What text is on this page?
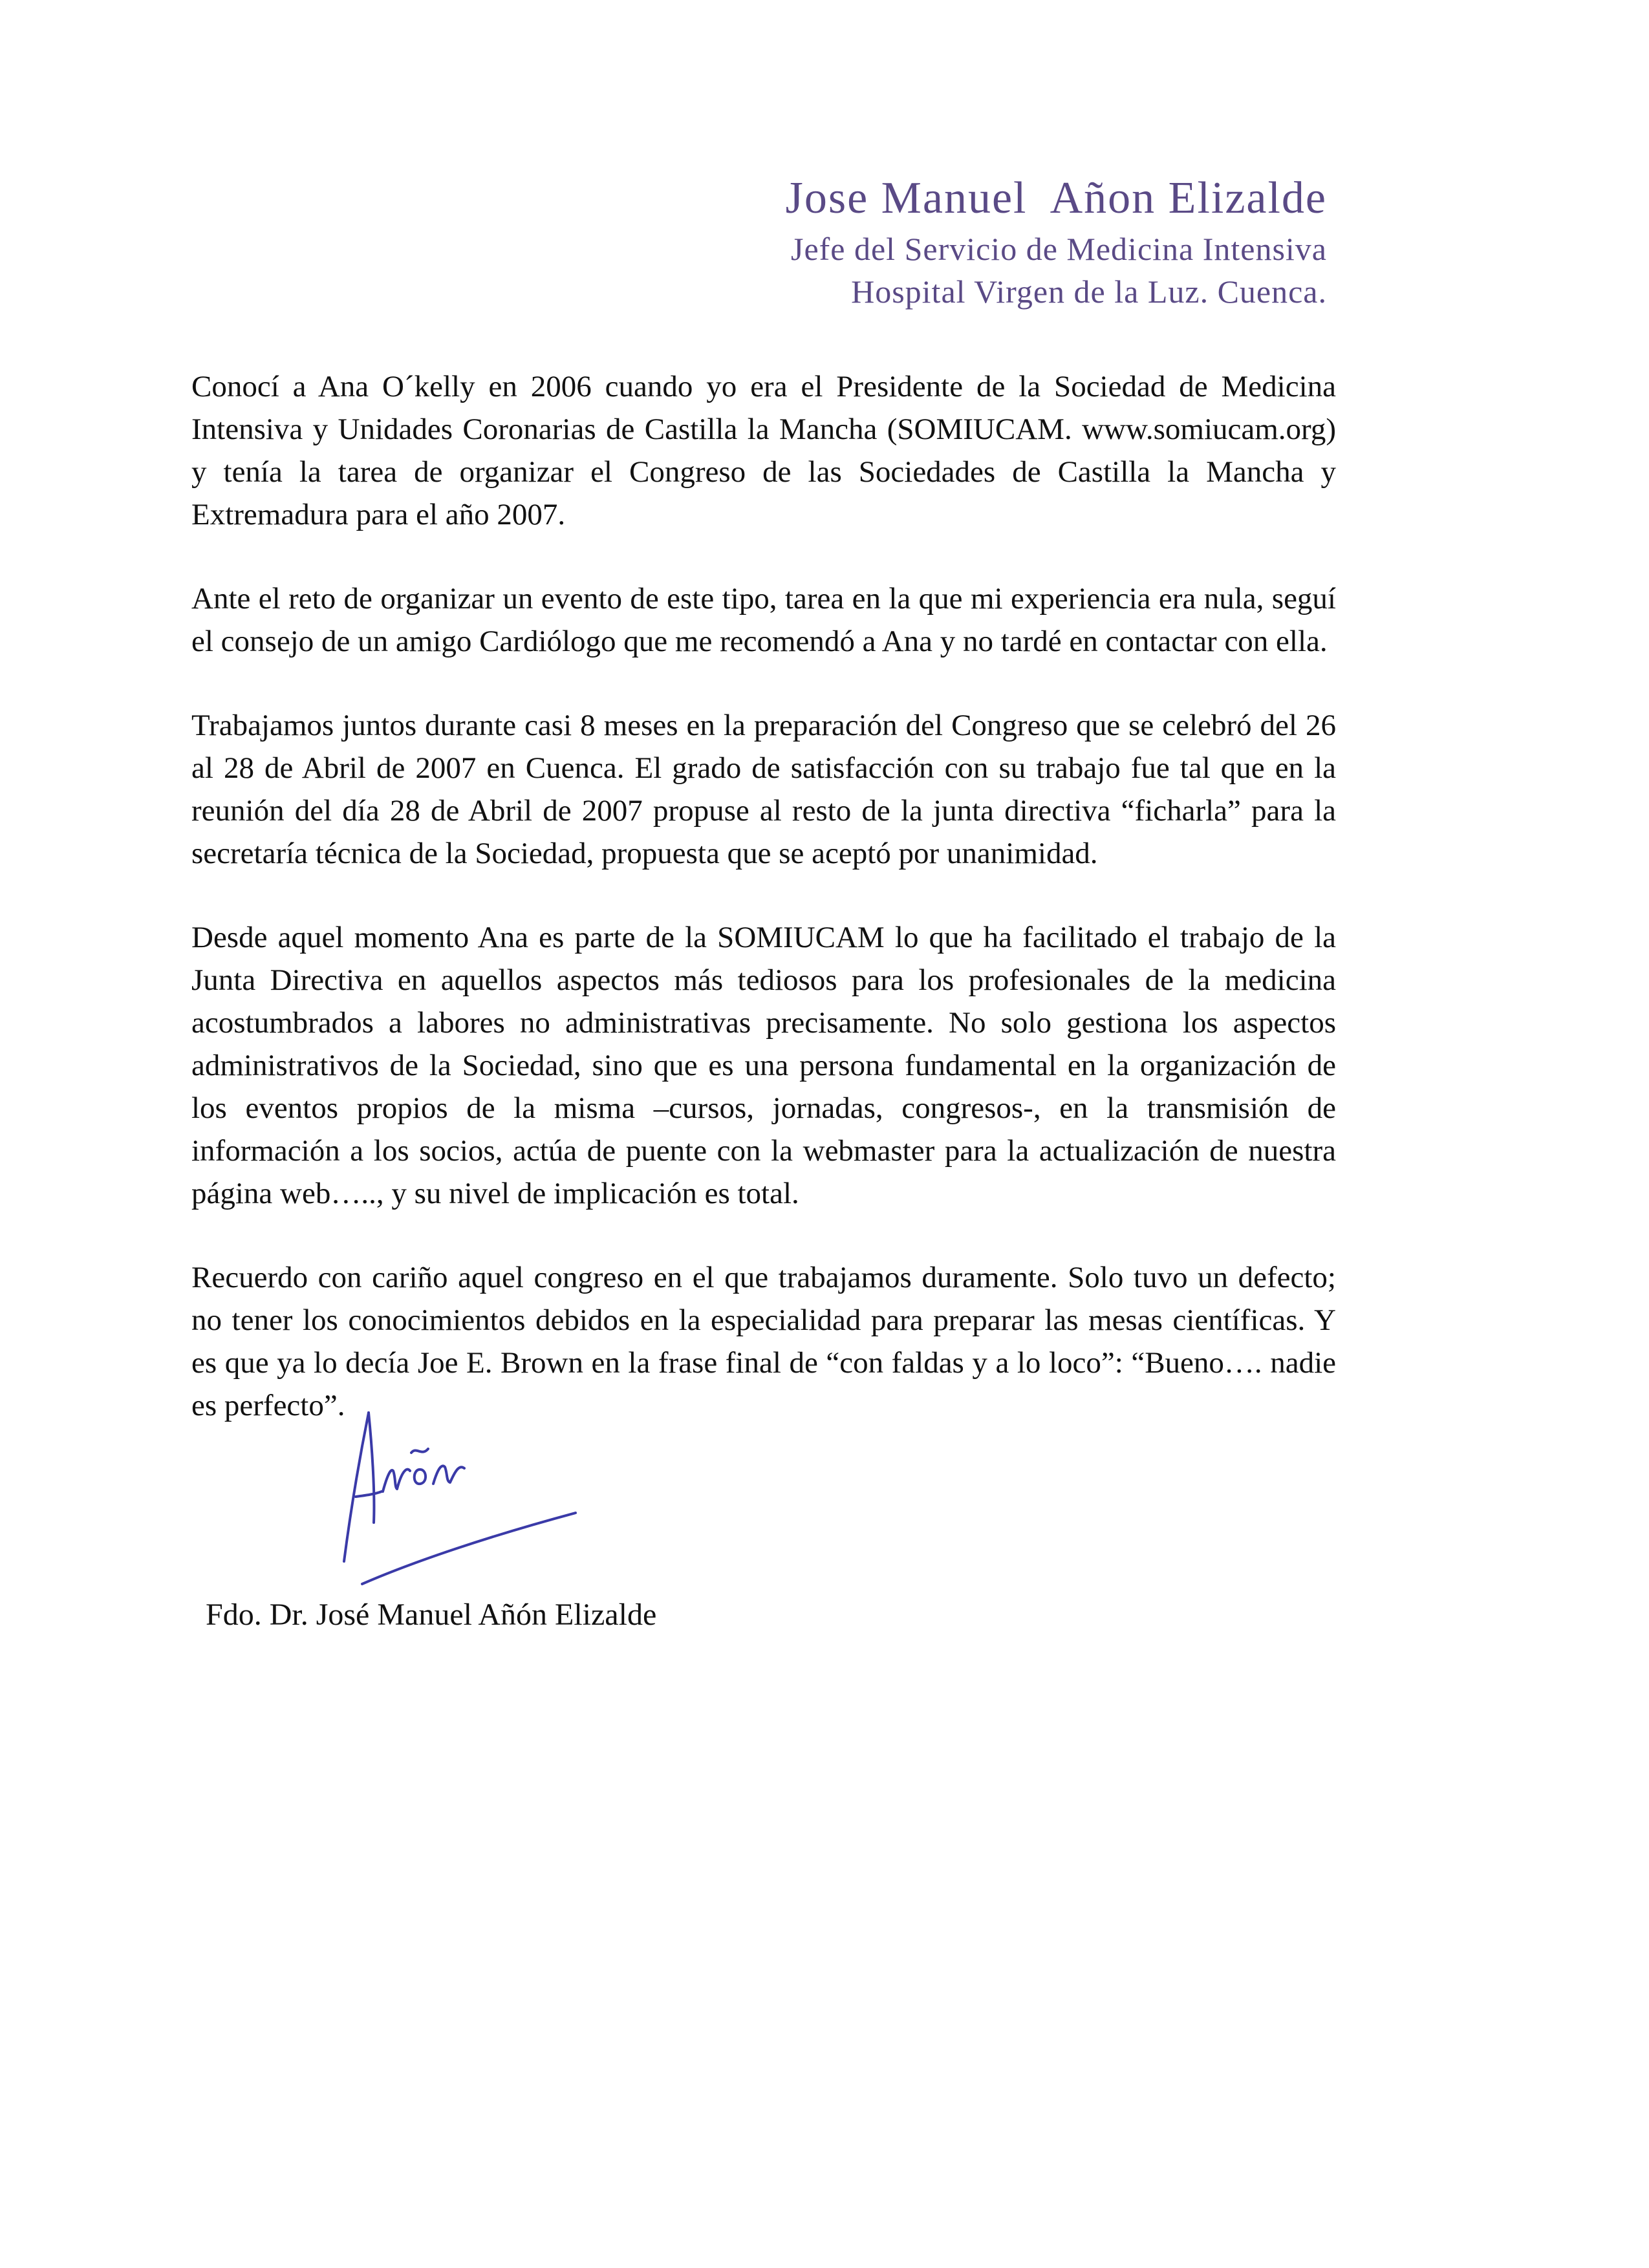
Jose Manuel  Añon Elizalde
Jefe del Servicio de Medicina Intensiva
Hospital Virgen de la Luz. Cuenca.

Conocí a Ana O´kelly en 2006 cuando yo era el Presidente de la Sociedad de Medicina Intensiva y Unidades Coronarias de Castilla la Mancha (SOMIUCAM. www.somiucam.org) y tenía la tarea de organizar el Congreso de las Sociedades de Castilla la Mancha y Extremadura para el año 2007.

Ante el reto de organizar un evento de este tipo, tarea en la que mi experiencia era nula, seguí el consejo de un amigo Cardiólogo que me recomendó a Ana y no tardé en contactar con ella.

Trabajamos juntos durante casi 8 meses en la preparación del Congreso que se celebró del 26 al 28 de Abril de 2007 en Cuenca. El grado de satisfacción con su trabajo fue tal que en la reunión del día 28 de Abril de 2007 propuse al resto de la junta directiva “ficharla” para la secretaría técnica de la Sociedad, propuesta que se aceptó por unanimidad.

Desde aquel momento Ana es parte de la SOMIUCAM lo que ha facilitado el trabajo de la Junta Directiva en aquellos aspectos más tediosos para los profesionales de la medicina acostumbrados a labores no administrativas precisamente. No solo gestiona los aspectos administrativos de la Sociedad, sino que es una persona fundamental en la organización de los eventos propios de la misma –cursos, jornadas, congresos-, en la transmisión de información a los socios, actúa de puente con la webmaster para la actualización de nuestra página web….., y su nivel de implicación es total.

Recuerdo con cariño aquel congreso en el que trabajamos duramente. Solo tuvo un defecto; no tener los conocimientos debidos en la especialidad para preparar las mesas científicas. Y es que ya lo decía Joe E. Brown en la frase final de “con faldas y a lo loco”: “Bueno…. nadie es perfecto”.

Fdo. Dr. José Manuel Añón Elizalde
